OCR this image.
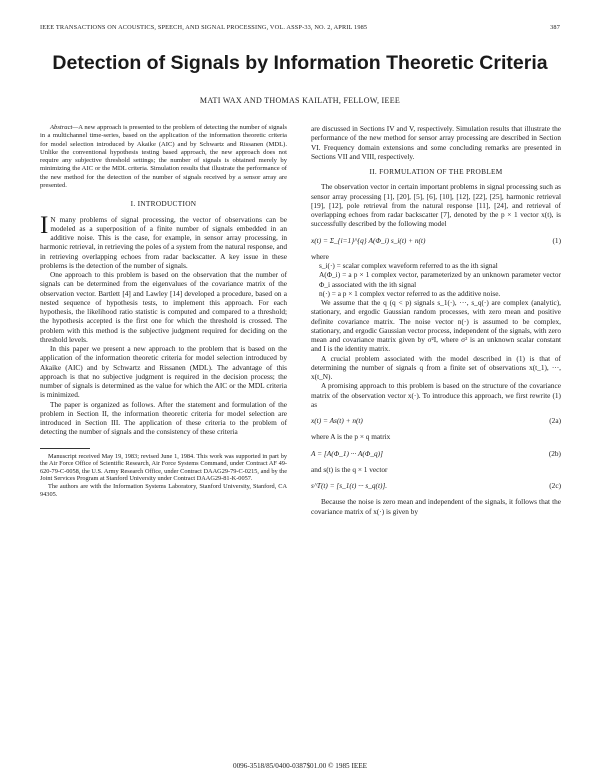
IEEE TRANSACTIONS ON ACOUSTICS, SPEECH, AND SIGNAL PROCESSING, VOL. ASSP-33, NO. 2, APRIL 1985	387
Detection of Signals by Information Theoretic Criteria
MATI WAX AND THOMAS KAILATH, FELLOW, IEEE

Abstract—A new approach is presented to the problem of detecting the number of signals in a multichannel time-series, based on the application of the information theoretic criteria for model selection introduced by Akaike (AIC) and by Schwartz and Rissanen (MDL). Unlike the conventional hypothesis testing based approach, the new approach does not require any subjective threshold settings; the number of signals is obtained merely by minimizing the AIC or the MDL criteria. Simulation results that illustrate the performance of the new method for the detection of the number of signals received by a sensor array are presented.

I. INTRODUCTION

I N many problems of signal processing, the vector of observations can be modeled as a superposition of a finite number of signals embedded in an additive noise. This is the case, for example, in sensor array processing, in harmonic retrieval, in retrieving the poles of a system from the natural response, and in retrieving overlapping echoes from radar backscatter. A key issue in these problems is the detection of the number of signals.

One approach to this problem is based on the observation that the number of signals can be determined from the eigenvalues of the covariance matrix of the observation vector. Bartlett [4] and Lawley [14] developed a procedure, based on a nested sequence of hypothesis tests, to implement this approach. For each hypothesis, the likelihood ratio statistic is computed and compared to a threshold; the hypothesis accepted is the first one for which the threshold is crossed. The problem with this method is the subjective judgment required for deciding on the threshold levels.

In this paper we present a new approach to the problem that is based on the application of the information theoretic criteria for model selection introduced by Akaike (AIC) and by Schwartz and Rissanen (MDL). The advantage of this approach is that no subjective judgment is required in the decision process; the number of signals is determined as the value for which the AIC or the MDL criteria is minimized.

The paper is organized as follows. After the statement and formulation of the problem in Section II, the information theoretic criteria for model selection are introduced in Section III. The application of these criteria to the problem of detecting the number of signals and the consistency of these criteria

Manuscript received May 19, 1983; revised June 1, 1984. This work was supported in part by the Air Force Office of Scientific Research, Air Force Systems Command, under Contract AF 49-620-79-C-0058, the U.S. Army Research Office, under Contract DAAG29-79-C-0215, and by the Joint Services Program at Stanford University under Contract DAAG29-81-K-0057.

The authors are with the Information Systems Laboratory, Stanford University, Stanford, CA 94305.

are discussed in Sections IV and V, respectively. Simulation results that illustrate the performance of the new method for sensor array processing are described in Section VI. Frequency domain extensions and some concluding remarks are presented in Sections VII and VIII, respectively.

II. FORMULATION OF THE PROBLEM

The observation vector in certain important problems in signal processing such as sensor array processing [1], [20], [5], [6], [10], [12], [22], [25], harmonic retrieval [19], [12], pole retrieval from the natural response [11], [24], and retrieval of overlapping echoes from radar backscatter [7], denoted by the p × 1 vector x(t), is successfully described by the following model

x(t) = Σ_{i=1}^{q} A(Φ_i) s_i(t) + n(t)	(1)

where

s_i(·) = scalar complex waveform referred to as the ith signal

A(Φ_i) = a p × 1 complex vector, parameterized by an unknown parameter vector Φ_i associated with the ith signal

n(·) = a p × 1 complex vector referred to as the additive noise.

We assume that the q (q < p) signals s_1(·), ···, s_q(·) are complex (analytic), stationary, and ergodic Gaussian random processes, with zero mean and positive definite covariance matrix. The noise vector n(·) is assumed to be complex, stationary, and ergodic Gaussian vector process, independent of the signals, with zero mean and covariance matrix given by σ²I, where σ² is an unknown scalar constant and I is the identity matrix.

A crucial problem associated with the model described in (1) is that of determining the number of signals q from a finite set of observations x(t_1), ···, x(t_N).

A promising approach to this problem is based on the structure of the covariance matrix of the observation vector x(·). To introduce this approach, we first rewrite (1) as

x(t) = As(t) + n(t)	(2a)

where A is the p × q matrix

A = [A(Φ_1) ··· A(Φ_q)]	(2b)

and s(t) is the q × 1 vector

s^T(t) = [s_1(t) ··· s_q(t)].	(2c)

Because the noise is zero mean and independent of the signals, it follows that the covariance matrix of x(·) is given by

0096-3518/85/0400-0387$01.00 © 1985 IEEE
